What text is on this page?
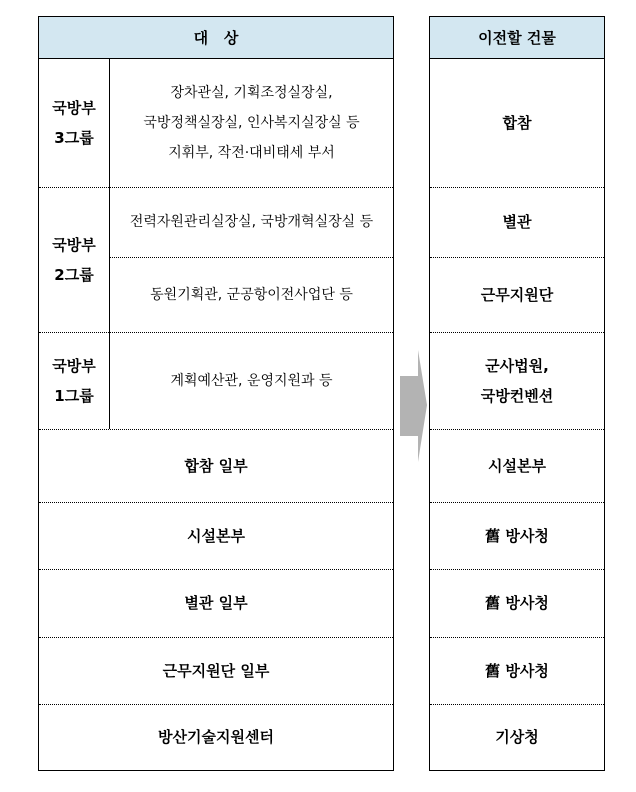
대   상
국방부
3그룹
장차관실, 기획조정실장실,
국방정책실장실, 인사복지실장실 등
지휘부, 작전·대비태세 부서
국방부
2그룹
전력자원관리실장실, 국방개혁실장실 등
동원기획관, 군공항이전사업단 등
국방부
1그룹
계획예산관, 운영지원과 등
합참 일부
시설본부
별관 일부
근무지원단 일부
방산기술지원센터
이전할 건물
합참
별관
근무지원단
군사법원,
국방컨벤션
시설본부
舊 방사청
舊 방사청
舊 방사청
기상청
